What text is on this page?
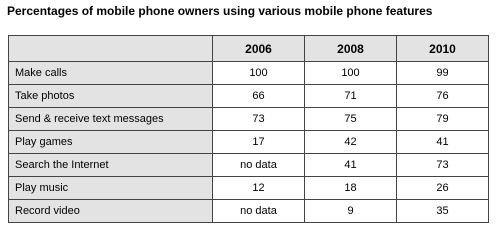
Percentages of mobile phone owners using various mobile phone features
	2006	2008	2010
Make calls	100	100	99
Take photos	66	71	76
Send & receive text messages	73	75	79
Play games	17	42	41
Search the Internet	no data	41	73
Play music	12	18	26
Record video	no data	9	35
